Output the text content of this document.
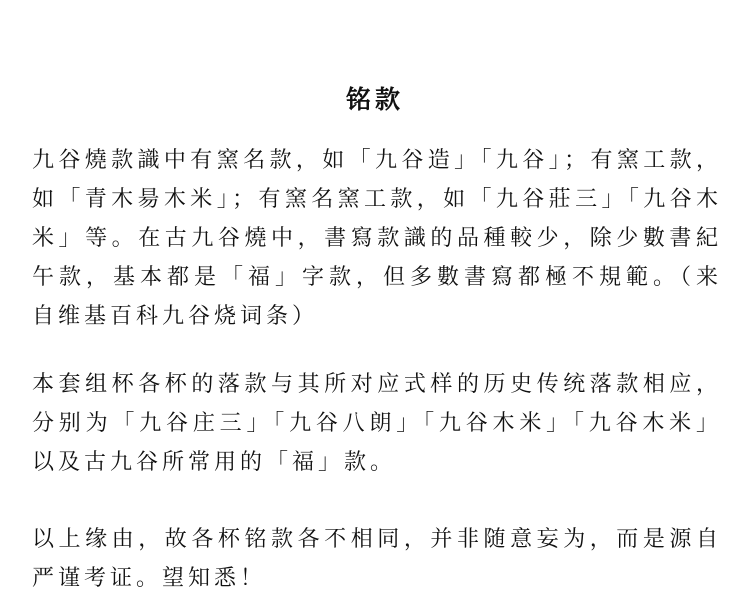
铭款

九谷燒款識中有窯名款，如「九谷造」「九谷」；有窯工款，如「青木昜木米」；有窯名窯工款，如「九谷莊三」「九谷木米」等。在古九谷燒中，書寫款識的品種較少，除少數書紀午款，基本都是「福」字款，但多數書寫都極不規範。（来自维基百科九谷烧词条）

本套组杯各杯的落款与其所对应式样的历史传统落款相应，分别为「九谷庄三」「九谷八朗」「九谷木米」「九谷木米」以及古九谷所常用的「福」款。

以上缘由，故各杯铭款各不相同，并非随意妄为，而是源自严谨考证。望知悉！
